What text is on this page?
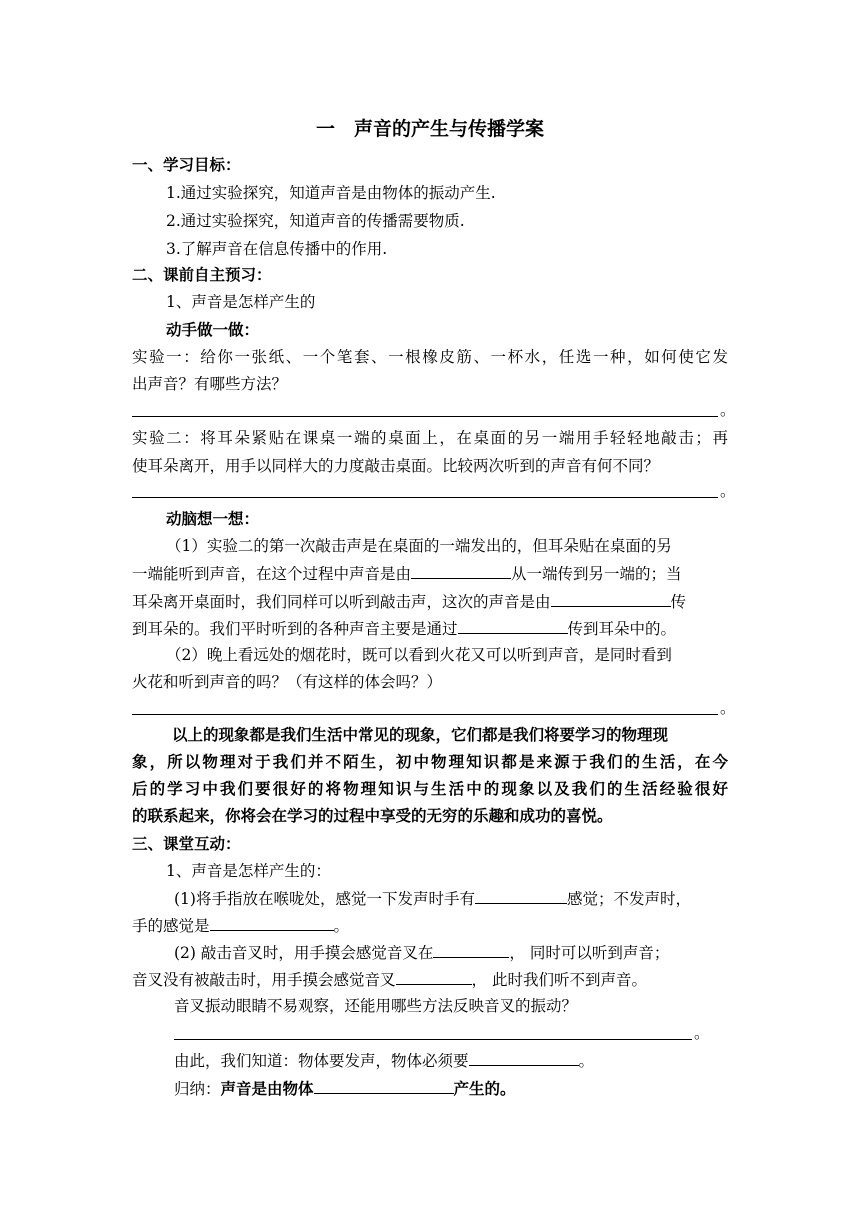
一　声音的产生与传播学案
一、学习目标：
1.通过实验探究，知道声音是由物体的振动产生.
2.通过实验探究，知道声音的传播需要物质.
3.了解声音在信息传播中的作用.
二、课前自主预习：
1、声音是怎样产生的
动手做一做：
实验一：给你一张纸、一个笔套、一根橡皮筋、一杯水，任选一种，如何使它发
出声音？有哪些方法？
。
实验二：将耳朵紧贴在课桌一端的桌面上，在桌面的另一端用手轻轻地敲击；再
使耳朵离开，用手以同样大的力度敲击桌面。比较两次听到的声音有何不同？
。
动脑想一想：
（1）实验二的第一次敲击声是在桌面的一端发出的，但耳朵贴在桌面的另
一端能听到声音，在这个过程中声音是由	从一端传到另一端的；当
耳朵离开桌面时，我们同样可以听到敲击声，这次的声音是由	传
到耳朵的。我们平时听到的各种声音主要是通过	传到耳朵中的。
（2）晚上看远处的烟花时，既可以看到火花又可以听到声音，是同时看到
火花和听到声音的吗？（有这样的体会吗？）
。
以上的现象都是我们生活中常见的现象，它们都是我们将要学习的物理现
象，所以物理对于我们并不陌生，初中物理知识都是来源于我们的生活，在今
后的学习中我们要很好的将物理知识与生活中的现象以及我们的生活经验很好
的联系起来，你将会在学习的过程中享受的无穷的乐趣和成功的喜悦。
三、课堂互动：
1、声音是怎样产生的：
(1)将手指放在喉咙处，感觉一下发声时手有	感觉；不发声时，
手的感觉是	。
(2) 敲击音叉时，用手摸会感觉音叉在	， 同时可以听到声音；
音叉没有被敲击时，用手摸会感觉音叉	， 此时我们听不到声音。
音叉振动眼睛不易观察，还能用哪些方法反映音叉的振动？
。
由此，我们知道：物体要发声，物体必须要	。
归纳：声音是由物体	产生的。
